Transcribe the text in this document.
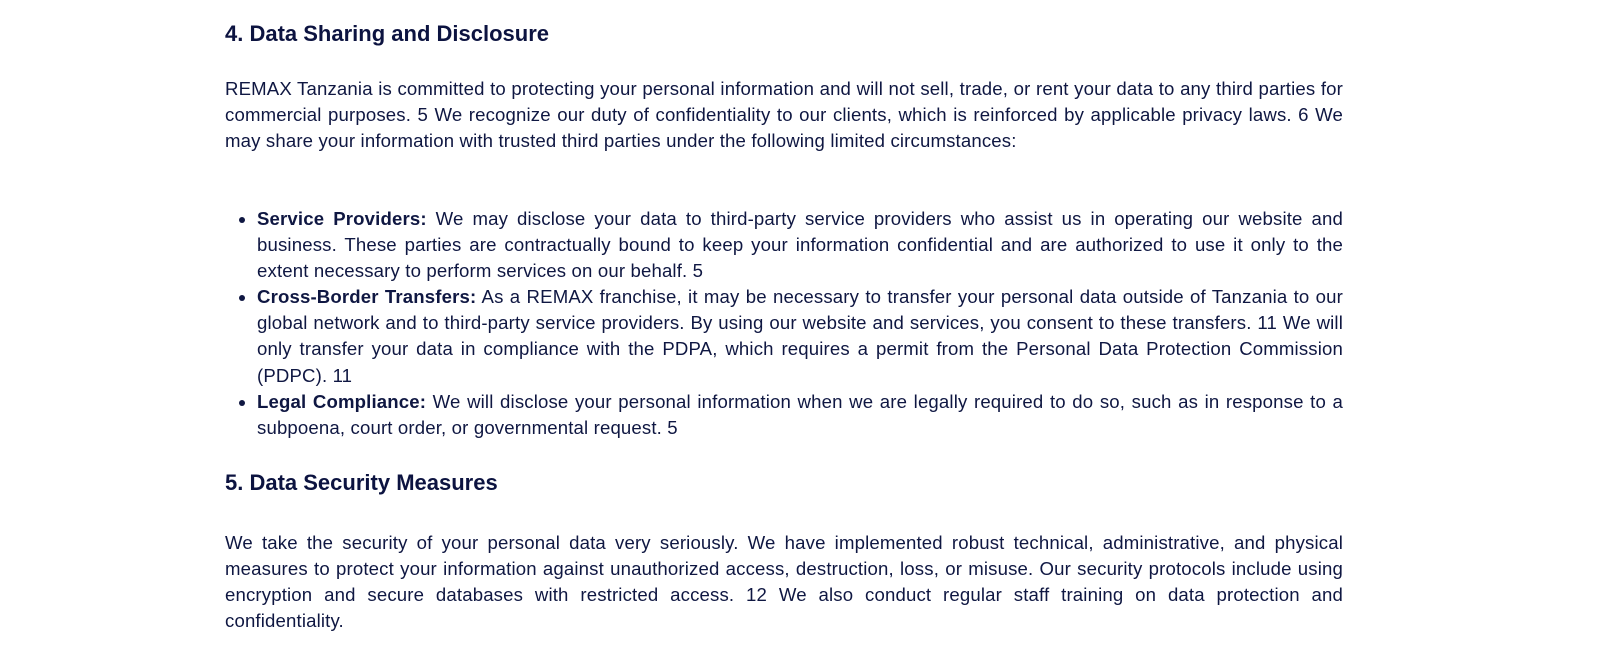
4. Data Sharing and Disclosure

REMAX Tanzania is committed to protecting your personal information and will not sell, trade, or rent your data to any third parties for commercial purposes. 5 We recognize our duty of confidentiality to our clients, which is reinforced by applicable privacy laws. 6 We may share your information with trusted third parties under the following limited circumstances:

• Service Providers: We may disclose your data to third-party service providers who assist us in operating our website and business. These parties are contractually bound to keep your information confidential and are authorized to use it only to the extent necessary to perform services on our behalf. 5
• Cross-Border Transfers: As a REMAX franchise, it may be necessary to transfer your personal data outside of Tanzania to our global network and to third-party service providers. By using our website and services, you consent to these transfers. 11 We will only transfer your data in compliance with the PDPA, which requires a permit from the Personal Data Protection Commission (PDPC). 11
• Legal Compliance: We will disclose your personal information when we are legally required to do so, such as in response to a subpoena, court order, or governmental request. 5
5. Data Security Measures

We take the security of your personal data very seriously. We have implemented robust technical, administrative, and physical measures to protect your information against unauthorized access, destruction, loss, or misuse. Our security protocols include using encryption and secure databases with restricted access. 12 We also conduct regular staff training on data protection and confidentiality.
